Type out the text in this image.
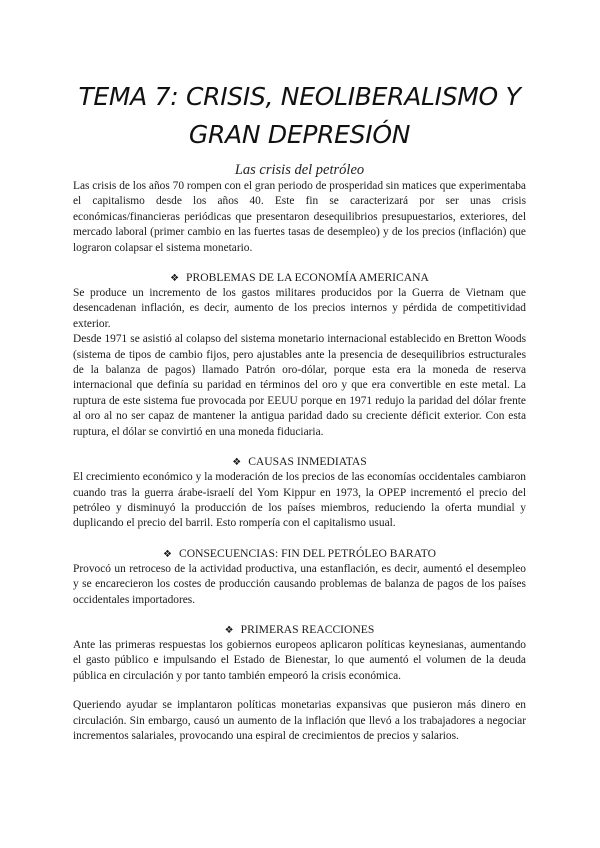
TEMA 7: CRISIS, NEOLIBERALISMO Y
GRAN DEPRESIÓN
Las crisis del petróleo

Las crisis de los años 70 rompen con el gran periodo de prosperidad sin matices que experimentaba el capitalismo desde los años 40. Este fin se caracterizará por ser unas crisis económicas/financieras periódicas que presentaron desequilibrios presupuestarios, exteriores, del mercado laboral (primer cambio en las fuertes tasas de desempleo) y de los precios (inflación) que lograron colapsar el sistema monetario.

❖ PROBLEMAS DE LA ECONOMÍA AMERICANA

Se produce un incremento de los gastos militares producidos por la Guerra de Vietnam que desencadenan inflación, es decir, aumento de los precios internos y pérdida de competitividad exterior.

Desde 1971 se asistió al colapso del sistema monetario internacional establecido en Bretton Woods (sistema de tipos de cambio fijos, pero ajustables ante la presencia de desequilibrios estructurales de la balanza de pagos) llamado Patrón oro-dólar, porque esta era la moneda de reserva internacional que definía su paridad en términos del oro y que era convertible en este metal. La ruptura de este sistema fue provocada por EEUU porque en 1971 redujo la paridad del dólar frente al oro al no ser capaz de mantener la antigua paridad dado su creciente déficit exterior. Con esta ruptura, el dólar se convirtió en una moneda fiduciaria.

❖ CAUSAS INMEDIATAS

El crecimiento económico y la moderación de los precios de las economías occidentales cambiaron cuando tras la guerra árabe-israelí del Yom Kippur en 1973, la OPEP incrementó el precio del petróleo y disminuyó la producción de los países miembros, reduciendo la oferta mundial y duplicando el precio del barril. Esto rompería con el capitalismo usual.

❖ CONSECUENCIAS: FIN DEL PETRÓLEO BARATO

Provocó un retroceso de la actividad productiva, una estanflación, es decir, aumentó el desempleo y se encarecieron los costes de producción causando problemas de balanza de pagos de los países occidentales importadores.

❖ PRIMERAS REACCIONES

Ante las primeras respuestas los gobiernos europeos aplicaron políticas keynesianas, aumentando el gasto público e impulsando el Estado de Bienestar, lo que aumentó el volumen de la deuda pública en circulación y por tanto también empeoró la crisis económica.

Queriendo ayudar se implantaron políticas monetarias expansivas que pusieron más dinero en circulación. Sin embargo, causó un aumento de la inflación que llevó a los trabajadores a negociar incrementos salariales, provocando una espiral de crecimientos de precios y salarios.
